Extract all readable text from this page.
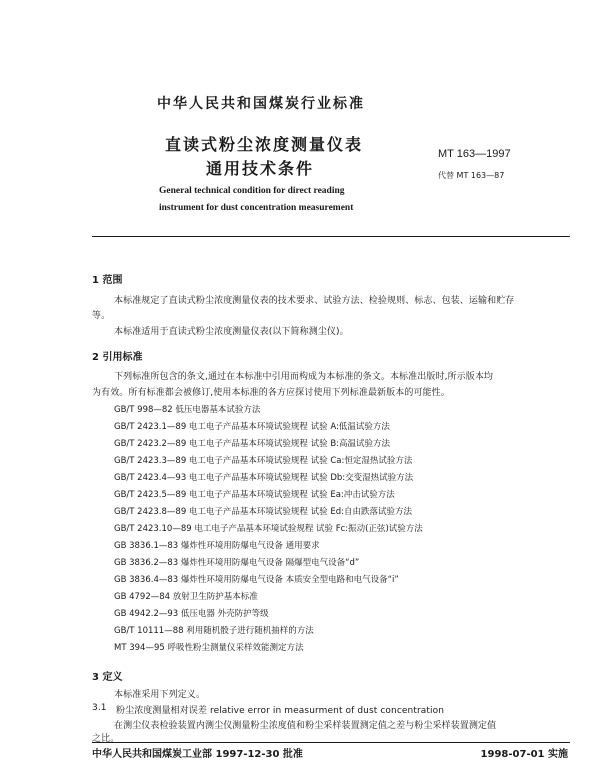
中华人民共和国煤炭行业标准
直读式粉尘浓度测量仪表
通用技术条件
MT 163—1997
代替 MT 163—87
General technical condition for direct reading
instrument for dust concentration measurement
1 范围
本标准规定了直读式粉尘浓度测量仪表的技术要求、试验方法、检验规则、标志、包装、运输和贮存
等。
本标准适用于直读式粉尘浓度测量仪表(以下简称测尘仪)。
2 引用标准
下列标准所包含的条文,通过在本标准中引用而构成为本标准的条文。本标准出版时,所示版本均
为有效。所有标准都会被修订,使用本标准的各方应探讨使用下列标准最新版本的可能性。
GB/T 998—82 低压电器基本试验方法
GB/T 2423.1—89 电工电子产品基本环境试验规程 试验 A:低温试验方法
GB/T 2423.2—89 电工电子产品基本环境试验规程 试验 B:高温试验方法
GB/T 2423.3—89 电工电子产品基本环境试验规程 试验 Ca:恒定湿热试验方法
GB/T 2423.4—93 电工电子产品基本环境试验规程 试验 Db:交变湿热试验方法
GB/T 2423.5—89 电工电子产品基本环境试验规程 试验 Ea:冲击试验方法
GB/T 2423.8—89 电工电子产品基本环境试验规程 试验 Ed:自由跌落试验方法
GB/T 2423.10—89 电工电子产品基本环境试验规程 试验 Fc:振动(正弦)试验方法
GB 3836.1—83 爆炸性环境用防爆电气设备 通用要求
GB 3836.2—83 爆炸性环境用防爆电气设备 隔爆型电气设备“d”
GB 3836.4—83 爆炸性环境用防爆电气设备 本质安全型电路和电气设备“i”
GB 4792—84 放射卫生防护基本标准
GB 4942.2—93 低压电器 外壳防护等级
GB/T 10111—88 利用随机骰子进行随机抽样的方法
MT 394—95 呼吸性粉尘测量仪采样效能测定方法
3 定义
本标准采用下列定义。
3.1 粉尘浓度测量相对误差 relative error in measurment of dust concentration
在测尘仪表检验装置内测尘仪测量粉尘浓度值和粉尘采样装置测定值之差与粉尘采样装置测定值
之比。
中华人民共和国煤炭工业部 1997-12-30 批准	1998-07-01 实施
